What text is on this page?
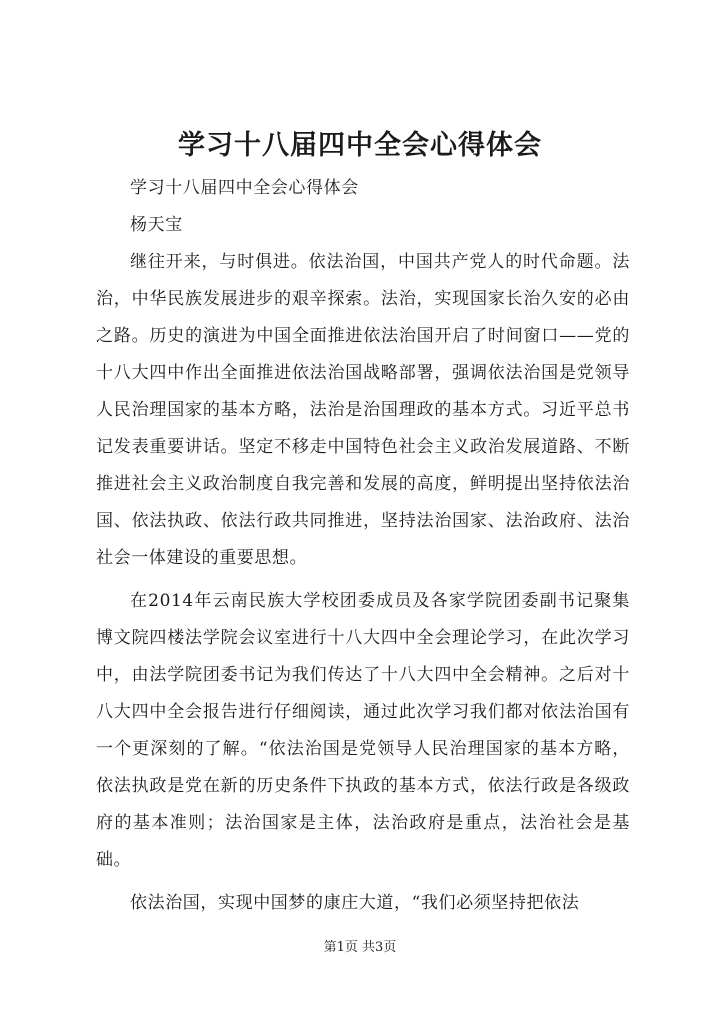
学习十八届四中全会心得体会

学习十八届四中全会心得体会

杨天宝

继往开来，与时俱进。依法治国，中国共产党人的时代命题。法治，中华民族发展进步的艰辛探索。法治，实现国家长治久安的必由之路。历史的演进为中国全面推进依法治国开启了时间窗口——党的十八大四中作出全面推进依法治国战略部署，强调依法治国是党领导人民治理国家的基本方略，法治是治国理政的基本方式。习近平总书记发表重要讲话。坚定不移走中国特色社会主义政治发展道路、不断推进社会主义政治制度自我完善和发展的高度，鲜明提出坚持依法治国、依法执政、依法行政共同推进，坚持法治国家、法治政府、法治社会一体建设的重要思想。

在2014年云南民族大学校团委成员及各家学院团委副书记聚集博文院四楼法学院会议室进行十八大四中全会理论学习，在此次学习中，由法学院团委书记为我们传达了十八大四中全会精神。之后对十八大四中全会报告进行仔细阅读，通过此次学习我们都对依法治国有一个更深刻的了解。“依法治国是党领导人民治理国家的基本方略，依法执政是党在新的历史条件下执政的基本方式，依法行政是各级政府的基本准则；法治国家是主体，法治政府是重点，法治社会是基础。

依法治国，实现中国梦的康庄大道，“我们必须坚持把依法

第1页 共3页
